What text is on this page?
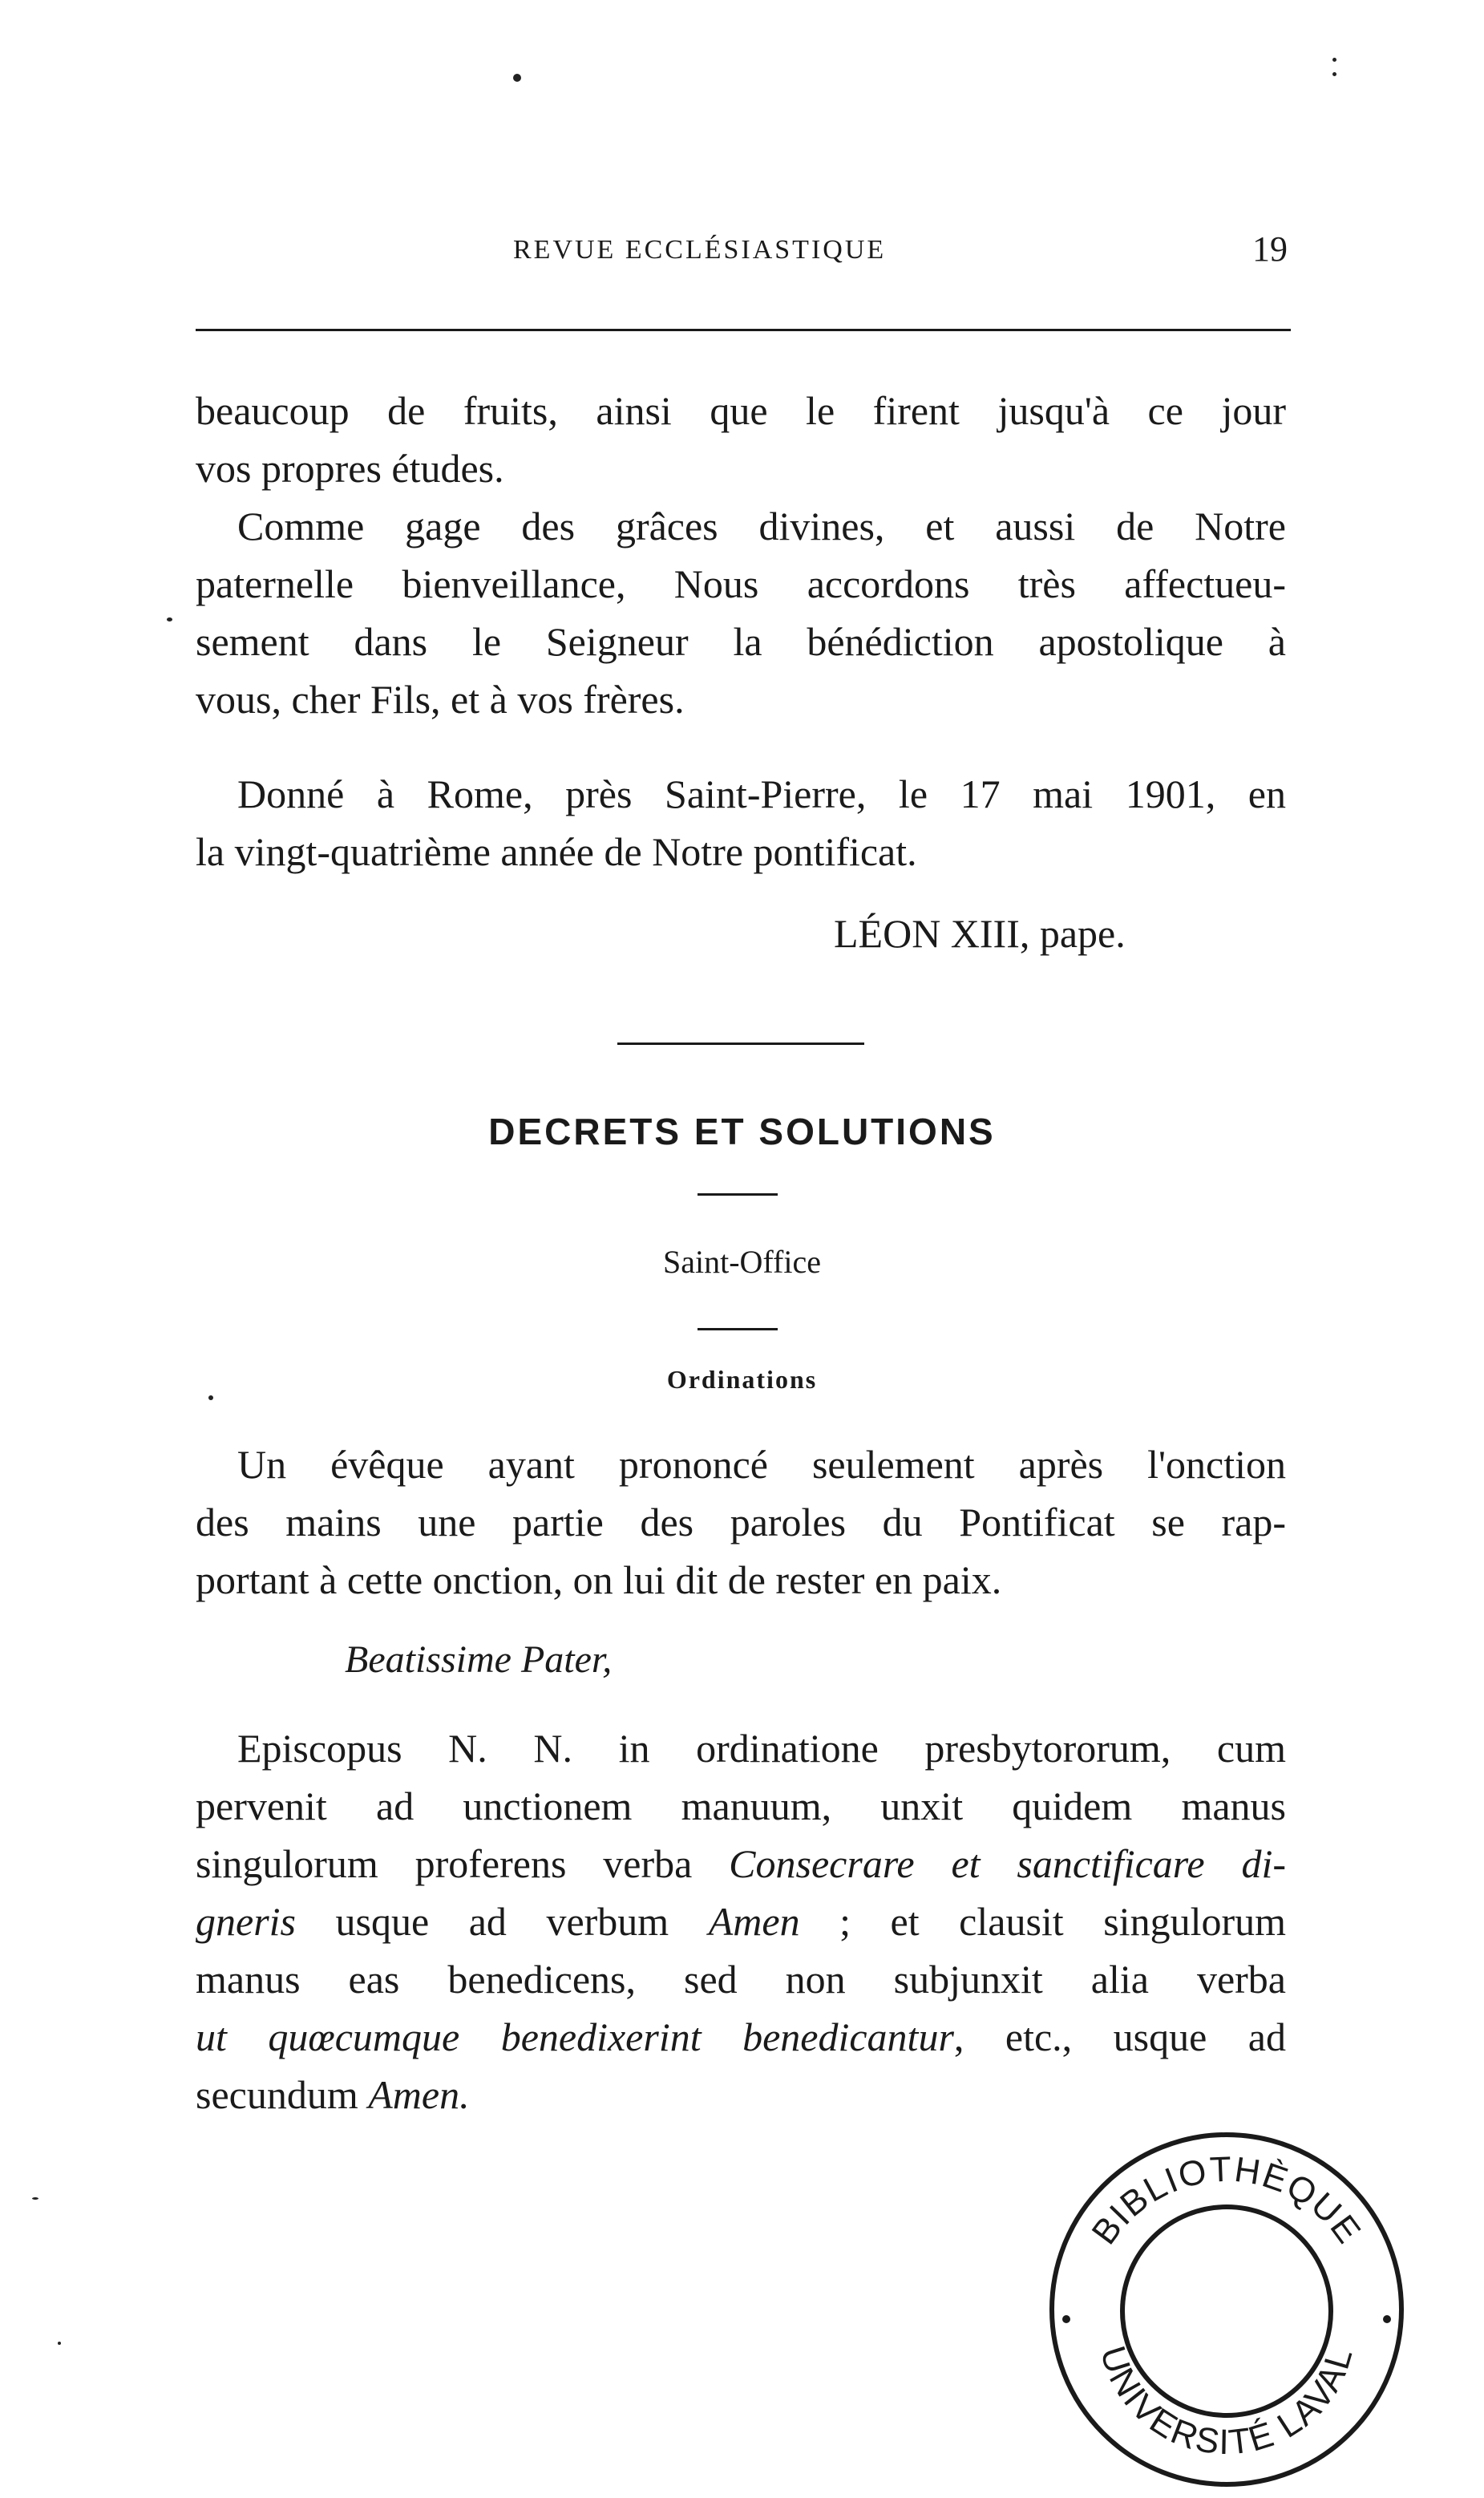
REVUE ECCLÉSIASTIQUE	19
beaucoup de fruits, ainsi que le firent jusqu'à ce jour
vos propres études.
Comme gage des grâces divines, et aussi de Notre
paternelle bienveillance, Nous accordons très affectueu-
sement dans le Seigneur la bénédiction apostolique à
vous, cher Fils, et à vos frères.
Donné à Rome, près Saint-Pierre, le 17 mai 1901, en
la vingt-quatrième année de Notre pontificat.
LÉON XIII, pape.
DECRETS ET SOLUTIONS
Saint-Office
Ordinations
Un évêque ayant prononcé seulement après l'onction
des mains une partie des paroles du Pontificat se rap-
portant à cette onction, on lui dit de rester en paix.
Beatissime Pater,
Episcopus N. N. in ordinatione presbytororum, cum
pervenit ad unctionem manuum, unxit quidem manus
singulorum proferens verba Consecrare et sanctificare di-
gneris usque ad verbum Amen ; et clausit singulorum
manus eas benedicens, sed non subjunxit alia verba
ut quœcumque benedixerint benedicantur, etc., usque ad
secundum Amen.
BIBLIOTHÈQUE
UNIVERSITÉ LAVAL
